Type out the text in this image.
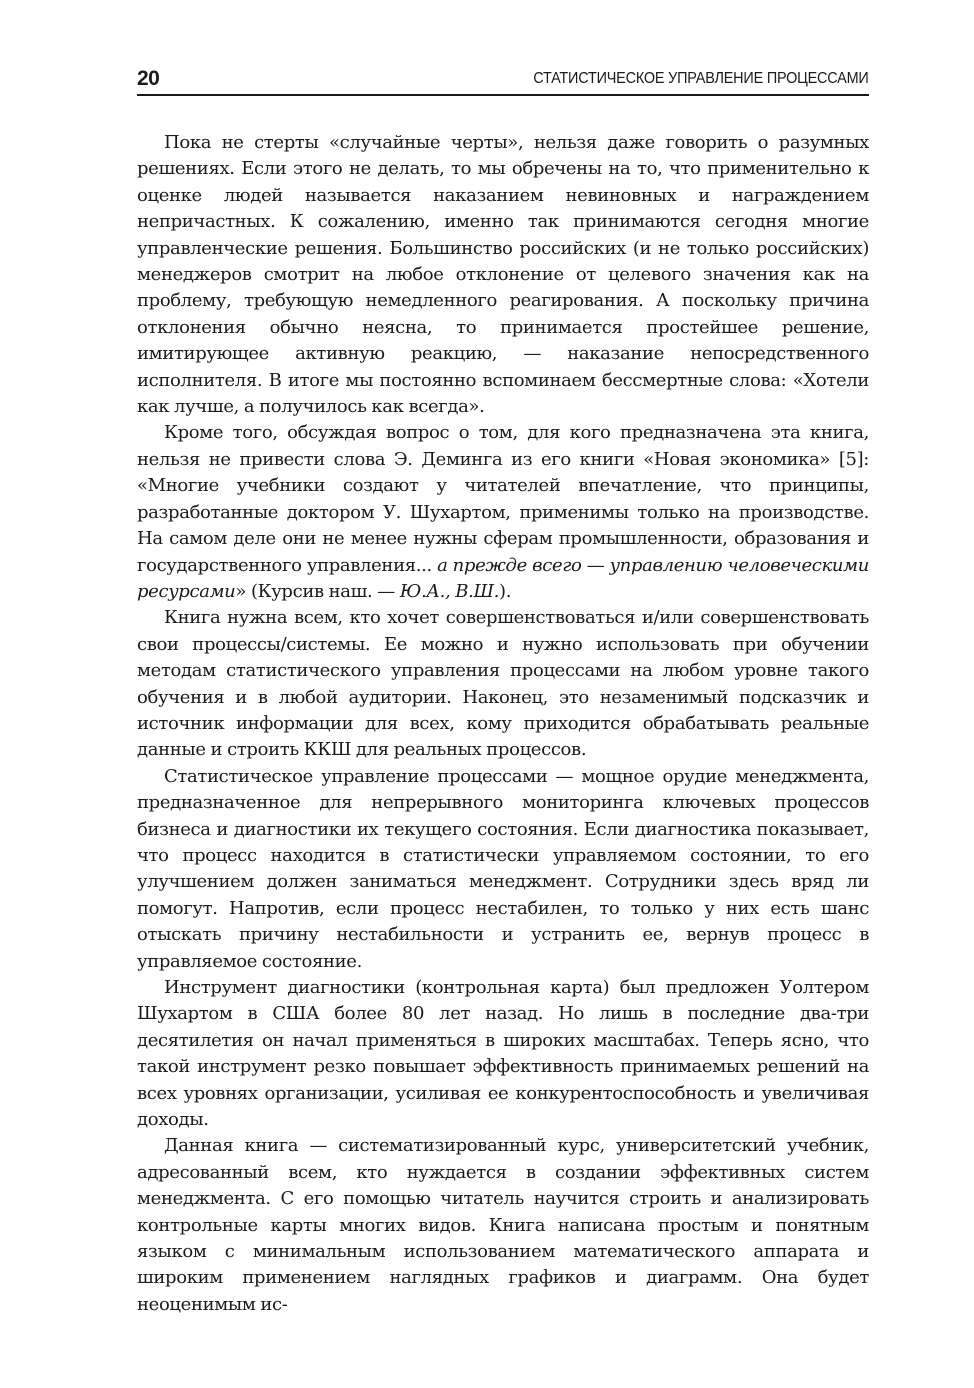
20	СТАТИСТИЧЕСКОЕ УПРАВЛЕНИЕ ПРОЦЕССАМИ

Пока не стерты «случайные черты», нельзя даже говорить о разумных решениях. Если этого не делать, то мы обречены на то, что применительно к оценке людей называется наказанием невиновных и награждением непричастных. К сожалению, именно так принимаются сегодня многие управленческие решения. Большинство российских (и не только российских) менеджеров смотрит на любое отклонение от целевого значения как на проблему, требующую немедленного реагирования. А поскольку причина отклонения обычно неясна, то принимается простейшее решение, имитирующее активную реакцию, — наказание непосредственного исполнителя. В итоге мы постоянно вспоминаем бессмертные слова: «Хотели как лучше, а получилось как всегда».

Кроме того, обсуждая вопрос о том, для кого предназначена эта книга, нельзя не привести слова Э. Деминга из его книги «Новая экономика» [5]: «Многие учебники создают у читателей впечатление, что принципы, разработанные доктором У. Шухартом, применимы только на производстве. На самом деле они не менее нужны сферам промышленности, образования и государственного управления... а прежде всего — управлению человеческими ресурсами» (Курсив наш. — Ю.А., В.Ш.).

Книга нужна всем, кто хочет совершенствоваться и/или совершенствовать свои процессы/системы. Ее можно и нужно использовать при обучении методам статистического управления процессами на любом уровне такого обучения и в любой аудитории. Наконец, это незаменимый подсказчик и источник информации для всех, кому приходится обрабатывать реальные данные и строить ККШ для реальных процессов.

Статистическое управление процессами — мощное орудие менеджмента, предназначенное для непрерывного мониторинга ключевых процессов бизнеса и диагностики их текущего состояния. Если диагностика показывает, что процесс находится в статистически управляемом состоянии, то его улучшением должен заниматься менеджмент. Сотрудники здесь вряд ли помогут. Напротив, если процесс нестабилен, то только у них есть шанс отыскать причину нестабильности и устранить ее, вернув процесс в управляемое состояние.

Инструмент диагностики (контрольная карта) был предложен Уолтером Шухартом в США более 80 лет назад. Но лишь в последние два-три десятилетия он начал применяться в широких масштабах. Теперь ясно, что такой инструмент резко повышает эффективность принимаемых решений на всех уровнях организации, усиливая ее конкурентоспособность и увеличивая доходы.

Данная книга — систематизированный курс, университетский учебник, адресованный всем, кто нуждается в создании эффективных систем менеджмента. С его помощью читатель научится строить и анализировать контрольные карты многих видов. Книга написана простым и понятным языком с минимальным использованием математического аппарата и широким применением наглядных графиков и диаграмм. Она будет неоценимым ис-
